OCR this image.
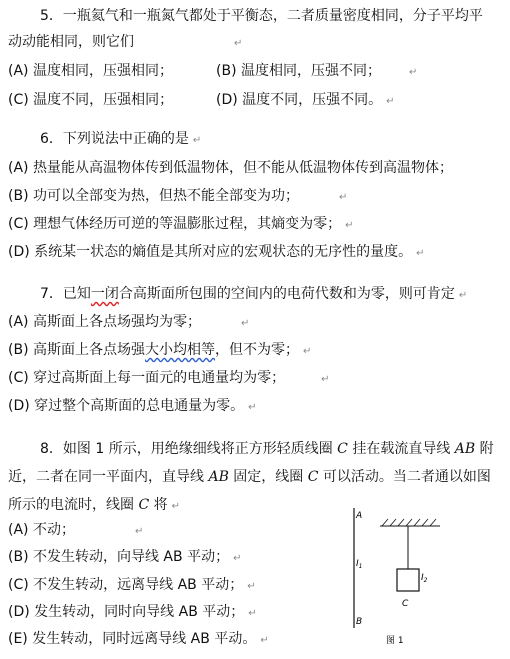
5．一瓶氦气和一瓶氮气都处于平衡态，二者质量密度相同，分子平均平
动动能相同，则它们	↵
(A) 温度相同，压强相同；	(B) 温度相同，压强不同；	↵
(C) 温度不同，压强相同；	(D) 温度不同，压强不同。 ↵
6．下列说法中正确的是 ↵
(A) 热量能从高温物体传到低温物体，但不能从低温物体传到高温物体；
(B) 功可以全部变为热，但热不能全部变为功；	↵
(C) 理想气体经历可逆的等温膨胀过程，其熵变为零； ↵
(D) 系统某一状态的熵值是其所对应的宏观状态的无序性的量度。 ↵
7．已知一闭合高斯面所包围的空间内的电荷代数和为零，则可肯定 ↵
(A) 高斯面上各点场强均为零；	↵
(B) 高斯面上各点场强大小均相等，但不为零； ↵
(C) 穿过高斯面上每一面元的电通量均为零；	↵
(D) 穿过整个高斯面的总电通量为零。 ↵
8．如图 1 所示，用绝缘细线将正方形轻质线圈 C 挂在载流直导线 AB 附
近，二者在同一平面内，直导线 AB 固定，线圈 C 可以活动。当二者通以如图
所示的电流时，线圈 C 将 ↵
(A) 不动；	↵
(B) 不发生转动，向导线 AB 平动； ↵
(C) 不发生转动，远离导线 AB 平动； ↵
(D) 发生转动，同时向导线 AB 平动； ↵
(E) 发生转动，同时远离导线 AB 平动。 ↵
A
B
$I_1$
$I_2$
C
图 1
